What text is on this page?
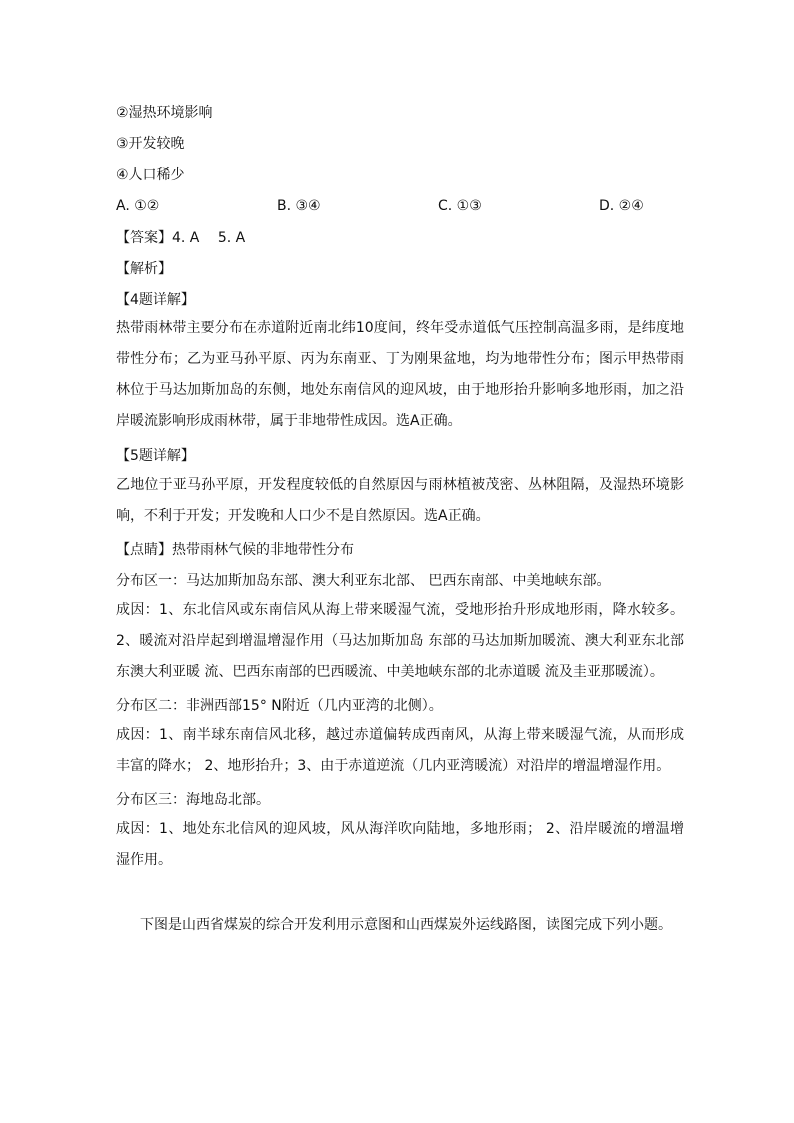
②湿热环境影响
③开发较晚
④人口稀少
A. ①②	B. ③④	C. ①③	D. ②④
【答案】4. A　 5. A
【解析】
【4题详解】
热带雨林带主要分布在赤道附近南北纬10度间，终年受赤道低气压控制高温多雨，是纬度地带性分布；乙为亚马孙平原、丙为东南亚、丁为刚果盆地，均为地带性分布；图示甲热带雨林位于马达加斯加岛的东侧，地处东南信风的迎风坡，由于地形抬升影响多地形雨，加之沿岸暖流影响形成雨林带，属于非地带性成因。选A正确。
【5题详解】
乙地位于亚马孙平原，开发程度较低的自然原因与雨林植被茂密、丛林阻隔，及湿热环境影响，不利于开发；开发晚和人口少不是自然原因。选A正确。
【点睛】热带雨林气候的非地带性分布
分布区一：马达加斯加岛东部、澳大利亚东北部、 巴西东南部、中美地峡东部。
成因：1、东北信风或东南信风从海上带来暖湿气流，受地形抬升形成地形雨，降水较多。 2、暖流对沿岸起到增温增湿作用（马达加斯加岛 东部的马达加斯加暖流、澳大利亚东北部东澳大利亚暖 流、巴西东南部的巴西暖流、中美地峡东部的北赤道暖 流及圭亚那暖流）。
分布区二：非洲西部15° N附近（几内亚湾的北侧）。
成因：1、南半球东南信风北移，越过赤道偏转成西南风，从海上带来暖湿气流，从而形成丰富的降水； 2、地形抬升；3、由于赤道逆流（几内亚湾暖流）对沿岸的增温增湿作用。
分布区三：海地岛北部。
成因：1、地处东北信风的迎风坡，风从海洋吹向陆地，多地形雨； 2、沿岸暖流的增温增湿作用。
下图是山西省煤炭的综合开发利用示意图和山西煤炭外运线路图，读图完成下列小题。
